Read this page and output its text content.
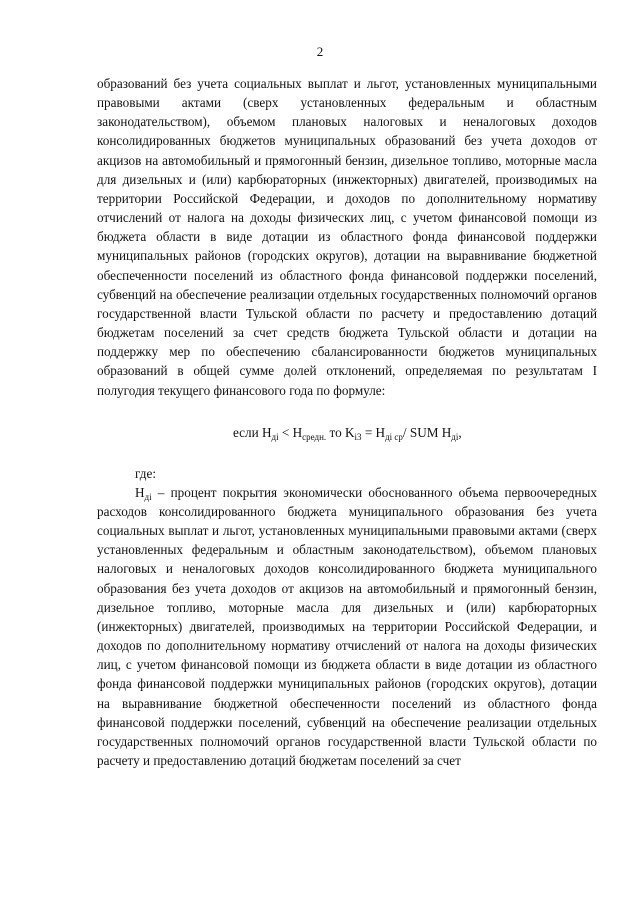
2

образований без учета социальных выплат и льгот, установленных муниципальными правовыми актами (сверх установленных федеральным и областным законодательством), объемом плановых налоговых и неналоговых доходов консолидированных бюджетов муниципальных образований без учета доходов от акцизов на автомобильный и прямогонный бензин, дизельное топливо, моторные масла для дизельных и (или) карбюраторных (инжекторных) двигателей, производимых на территории Российской Федерации, и доходов по дополнительному нормативу отчислений от налога на доходы физических лиц, с учетом финансовой помощи из бюджета области в виде дотации из областного фонда финансовой поддержки муниципальных районов (городских округов), дотации на выравнивание бюджетной обеспеченности поселений из областного фонда финансовой поддержки поселений, субвенций на обеспечение реализации отдельных государственных полномочий органов государственной власти Тульской области по расчету и предоставлению дотаций бюджетам поселений за счет средств бюджета Тульской области и дотации на поддержку мер по обеспечению сбалансированности бюджетов муниципальных образований в общей сумме долей отклонений, определяемая по результатам I полугодия текущего финансового года по формуле:

если $Н_{дi} < Н_{средн.}$ то $K_{i3} = Н_{дi ср}/$ SUM $Н_{дi}$,

где:

$Н_{дi}$ – процент покрытия экономически обоснованного объема первоочередных расходов консолидированного бюджета муниципального образования без учета социальных выплат и льгот, установленных муниципальными правовыми актами (сверх установленных федеральным и областным законодательством), объемом плановых налоговых и неналоговых доходов консолидированного бюджета муниципального образования без учета доходов от акцизов на автомобильный и прямогонный бензин, дизельное топливо, моторные масла для дизельных и (или) карбюраторных (инжекторных) двигателей, производимых на территории Российской Федерации, и доходов по дополнительному нормативу отчислений от налога на доходы физических лиц, с учетом финансовой помощи из бюджета области в виде дотации из областного фонда финансовой поддержки муниципальных районов (городских округов), дотации на выравнивание бюджетной обеспеченности поселений из областного фонда финансовой поддержки поселений, субвенций на обеспечение реализации отдельных государственных полномочий органов государственной власти Тульской области по расчету и предоставлению дотаций бюджетам поселений за счет
